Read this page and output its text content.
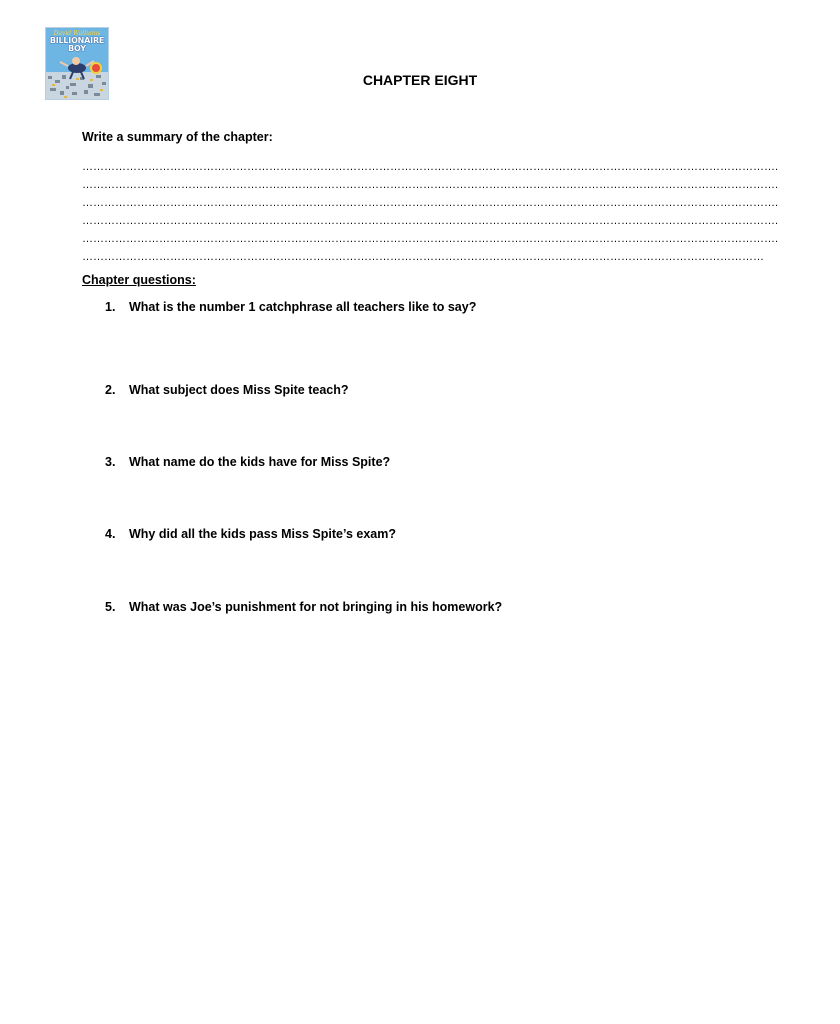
David Walliams
BILLIONAIRE
BOY
CHAPTER EIGHT

Write a summary of the chapter:

……………………………………………………………………………………………………………………………………………………………………….
……………………………………………………………………………………………………………………………………………………………………….
……………………………………………………………………………………………………………………………………………………………………….
……………………………………………………………………………………………………………………………………………………………………….
……………………………………………………………………………………………………………………………………………………………………….
……………………………………………………………………………………………………………………………………………………………………

Chapter questions:

1. What is the number 1 catchphrase all teachers like to say?
2. What subject does Miss Spite teach?
3. What name do the kids have for Miss Spite?
4. Why did all the kids pass Miss Spite’s exam?
5. What was Joe’s punishment for not bringing in his homework?
